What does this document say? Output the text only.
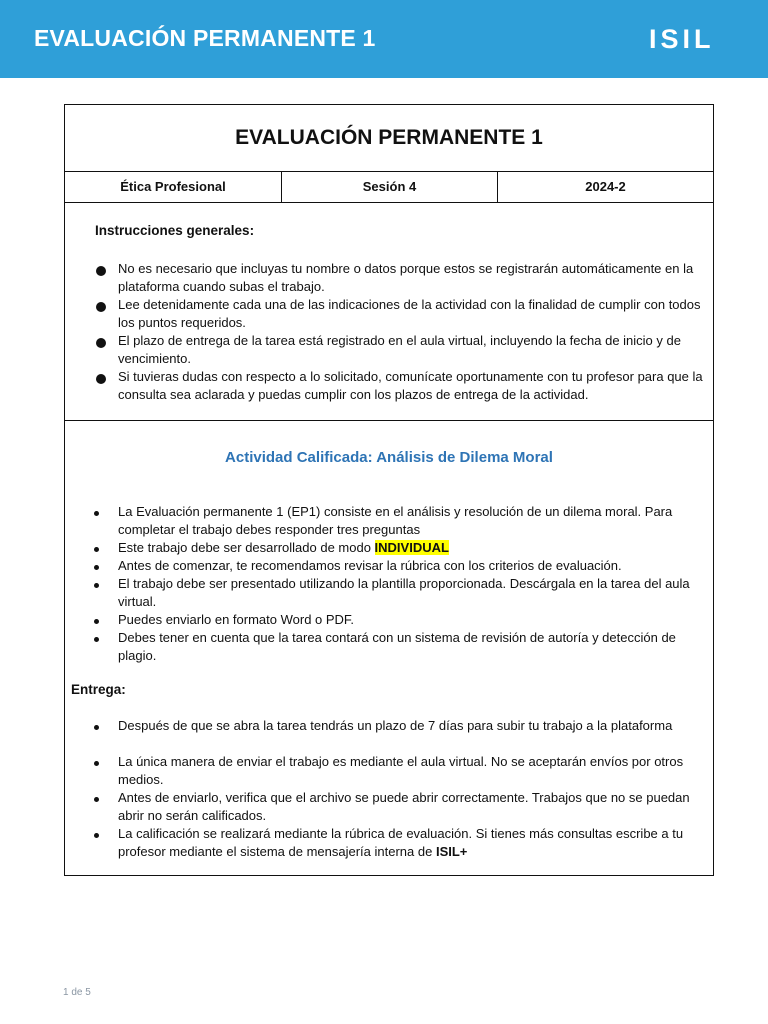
EVALUACIÓN PERMANENTE 1	ISIL
EVALUACIÓN PERMANENTE 1
Ética Profesional	Sesión 4	2024-2
Instrucciones generales:
No es necesario que incluyas tu nombre o datos porque estos se registrarán automáticamente en la plataforma cuando subas el trabajo.
Lee detenidamente cada una de las indicaciones de la actividad con la finalidad de cumplir con todos los puntos requeridos.
El plazo de entrega de la tarea está registrado en el aula virtual, incluyendo la fecha de inicio y de vencimiento.
Si tuvieras dudas con respecto a lo solicitado, comunícate oportunamente con tu profesor para que la consulta sea aclarada y puedas cumplir con los plazos de entrega de la actividad.
Actividad Calificada: Análisis de Dilema Moral
La Evaluación permanente 1 (EP1) consiste en el análisis y resolución de un dilema moral. Para completar el trabajo debes responder tres preguntas
Este trabajo debe ser desarrollado de modo INDIVIDUAL
Antes de comenzar, te recomendamos revisar la rúbrica con los criterios de evaluación.
El trabajo debe ser presentado utilizando la plantilla proporcionada. Descárgala en la tarea del aula virtual.
Puedes enviarlo en formato Word o PDF.
Debes tener en cuenta que la tarea contará con un sistema de revisión de autoría y detección de plagio.
Entrega:
Después de que se abra la tarea tendrás un plazo de 7 días para subir tu trabajo a la plataforma
La única manera de enviar el trabajo es mediante el aula virtual. No se aceptarán envíos por otros medios.
Antes de enviarlo, verifica que el archivo se puede abrir correctamente. Trabajos que no se puedan abrir no serán calificados.
La calificación se realizará mediante la rúbrica de evaluación. Si tienes más consultas escribe a tu profesor mediante el sistema de mensajería interna de ISIL+
1 de 5
